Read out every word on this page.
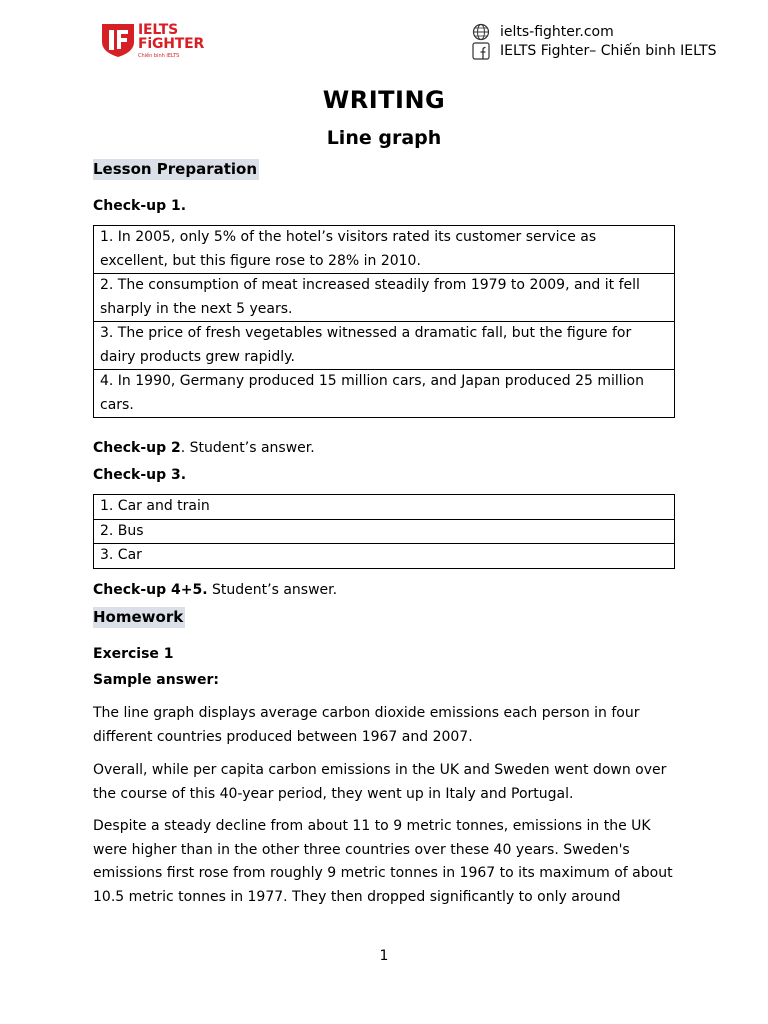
IELTS
FiGHTER
Chiến binh IELTS
ielts-fighter.com
IELTS Fighter– Chiến binh IELTS
WRITING
Line graph
Lesson Preparation
Check-up 1.
1. In 2005, only 5% of the hotel’s visitors rated its customer service as excellent, but this figure rose to 28% in 2010.
2. The consumption of meat increased steadily from 1979 to 2009, and it fell sharply in the next 5 years.
3. The price of fresh vegetables witnessed a dramatic fall, but the figure for dairy products grew rapidly.
4. In 1990, Germany produced 15 million cars, and Japan produced 25 million cars.
Check-up 2. Student’s answer.
Check-up 3.
1. Car and train
2. Bus
3. Car
Check-up 4+5. Student’s answer.
Homework
Exercise 1
Sample answer:
The line graph displays average carbon dioxide emissions each person in four different countries produced between 1967 and 2007.
Overall, while per capita carbon emissions in the UK and Sweden went down over the course of this 40-year period, they went up in Italy and Portugal.
Despite a steady decline from about 11 to 9 metric tonnes, emissions in the UK were higher than in the other three countries over these 40 years. Sweden's emissions first rose from roughly 9 metric tonnes in 1967 to its maximum of about 10.5 metric tonnes in 1977. They then dropped significantly to only around
1
